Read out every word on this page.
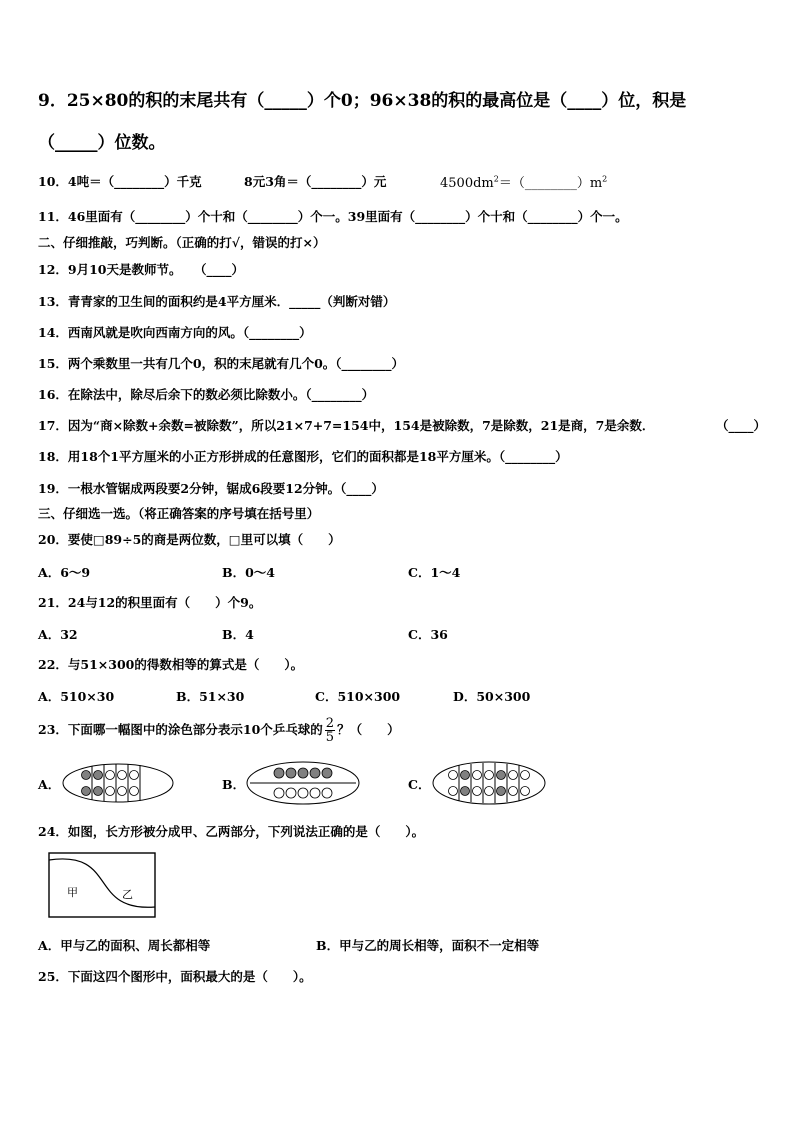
9．25×80的积的末尾共有（_____）个0；96×38的积的最高位是（____）位，积是
（_____）位数。
10．4吨＝（________）千克	8元3角＝（________）元	$4500dm^2=(\_\_\_\_\_\_\_\_)m^2$
11．46里面有（________）个十和（________）个一。39里面有（________）个十和（________）个一。
二、仔细推敲，巧判断。（正确的打√，错误的打×）
12．9月10天是教师节。　　（____）
13．青青家的卫生间的面积约是4平方厘米．_____（判断对错）
14．西南风就是吹向西南方向的风。（________）
15．两个乘数里一共有几个0，积的末尾就有几个0。（________）
16．在除法中，除尽后余下的数必须比除数小。（________）
17．因为“商×除数+余数=被除数”，所以21×7+7=154中，154是被除数，7是除数，21是商，7是余数．	（____）
18．用18个1平方厘米的小正方形拼成的任意图形，它们的面积都是18平方厘米。（________）
19．一根水管锯成两段要2分钟，锯成6段要12分钟。（____）
三、仔细选一选。（将正确答案的序号填在括号里）
20．要使□89÷5的商是两位数，□里可以填（　　）
A．6～9	B．0～4	C．1～4
21．24与12的积里面有（　　）个9。
A．32	B．4	C．36
22．与51×300的得数相等的算式是（　　）。
A．510×30	B．51×30	C．510×300	D．50×300
23．下面哪一幅图中的涂色部分表示10个乒乓球的 $\frac{2}{5}$ ？（　　）
A．	B．	C．
24．如图，长方形被分成甲、乙两部分，下列说法正确的是（　　）。
甲	乙
A．甲与乙的面积、周长都相等	B．甲与乙的周长相等，面积不一定相等
25．下面这四个图形中，面积最大的是（　　）。
